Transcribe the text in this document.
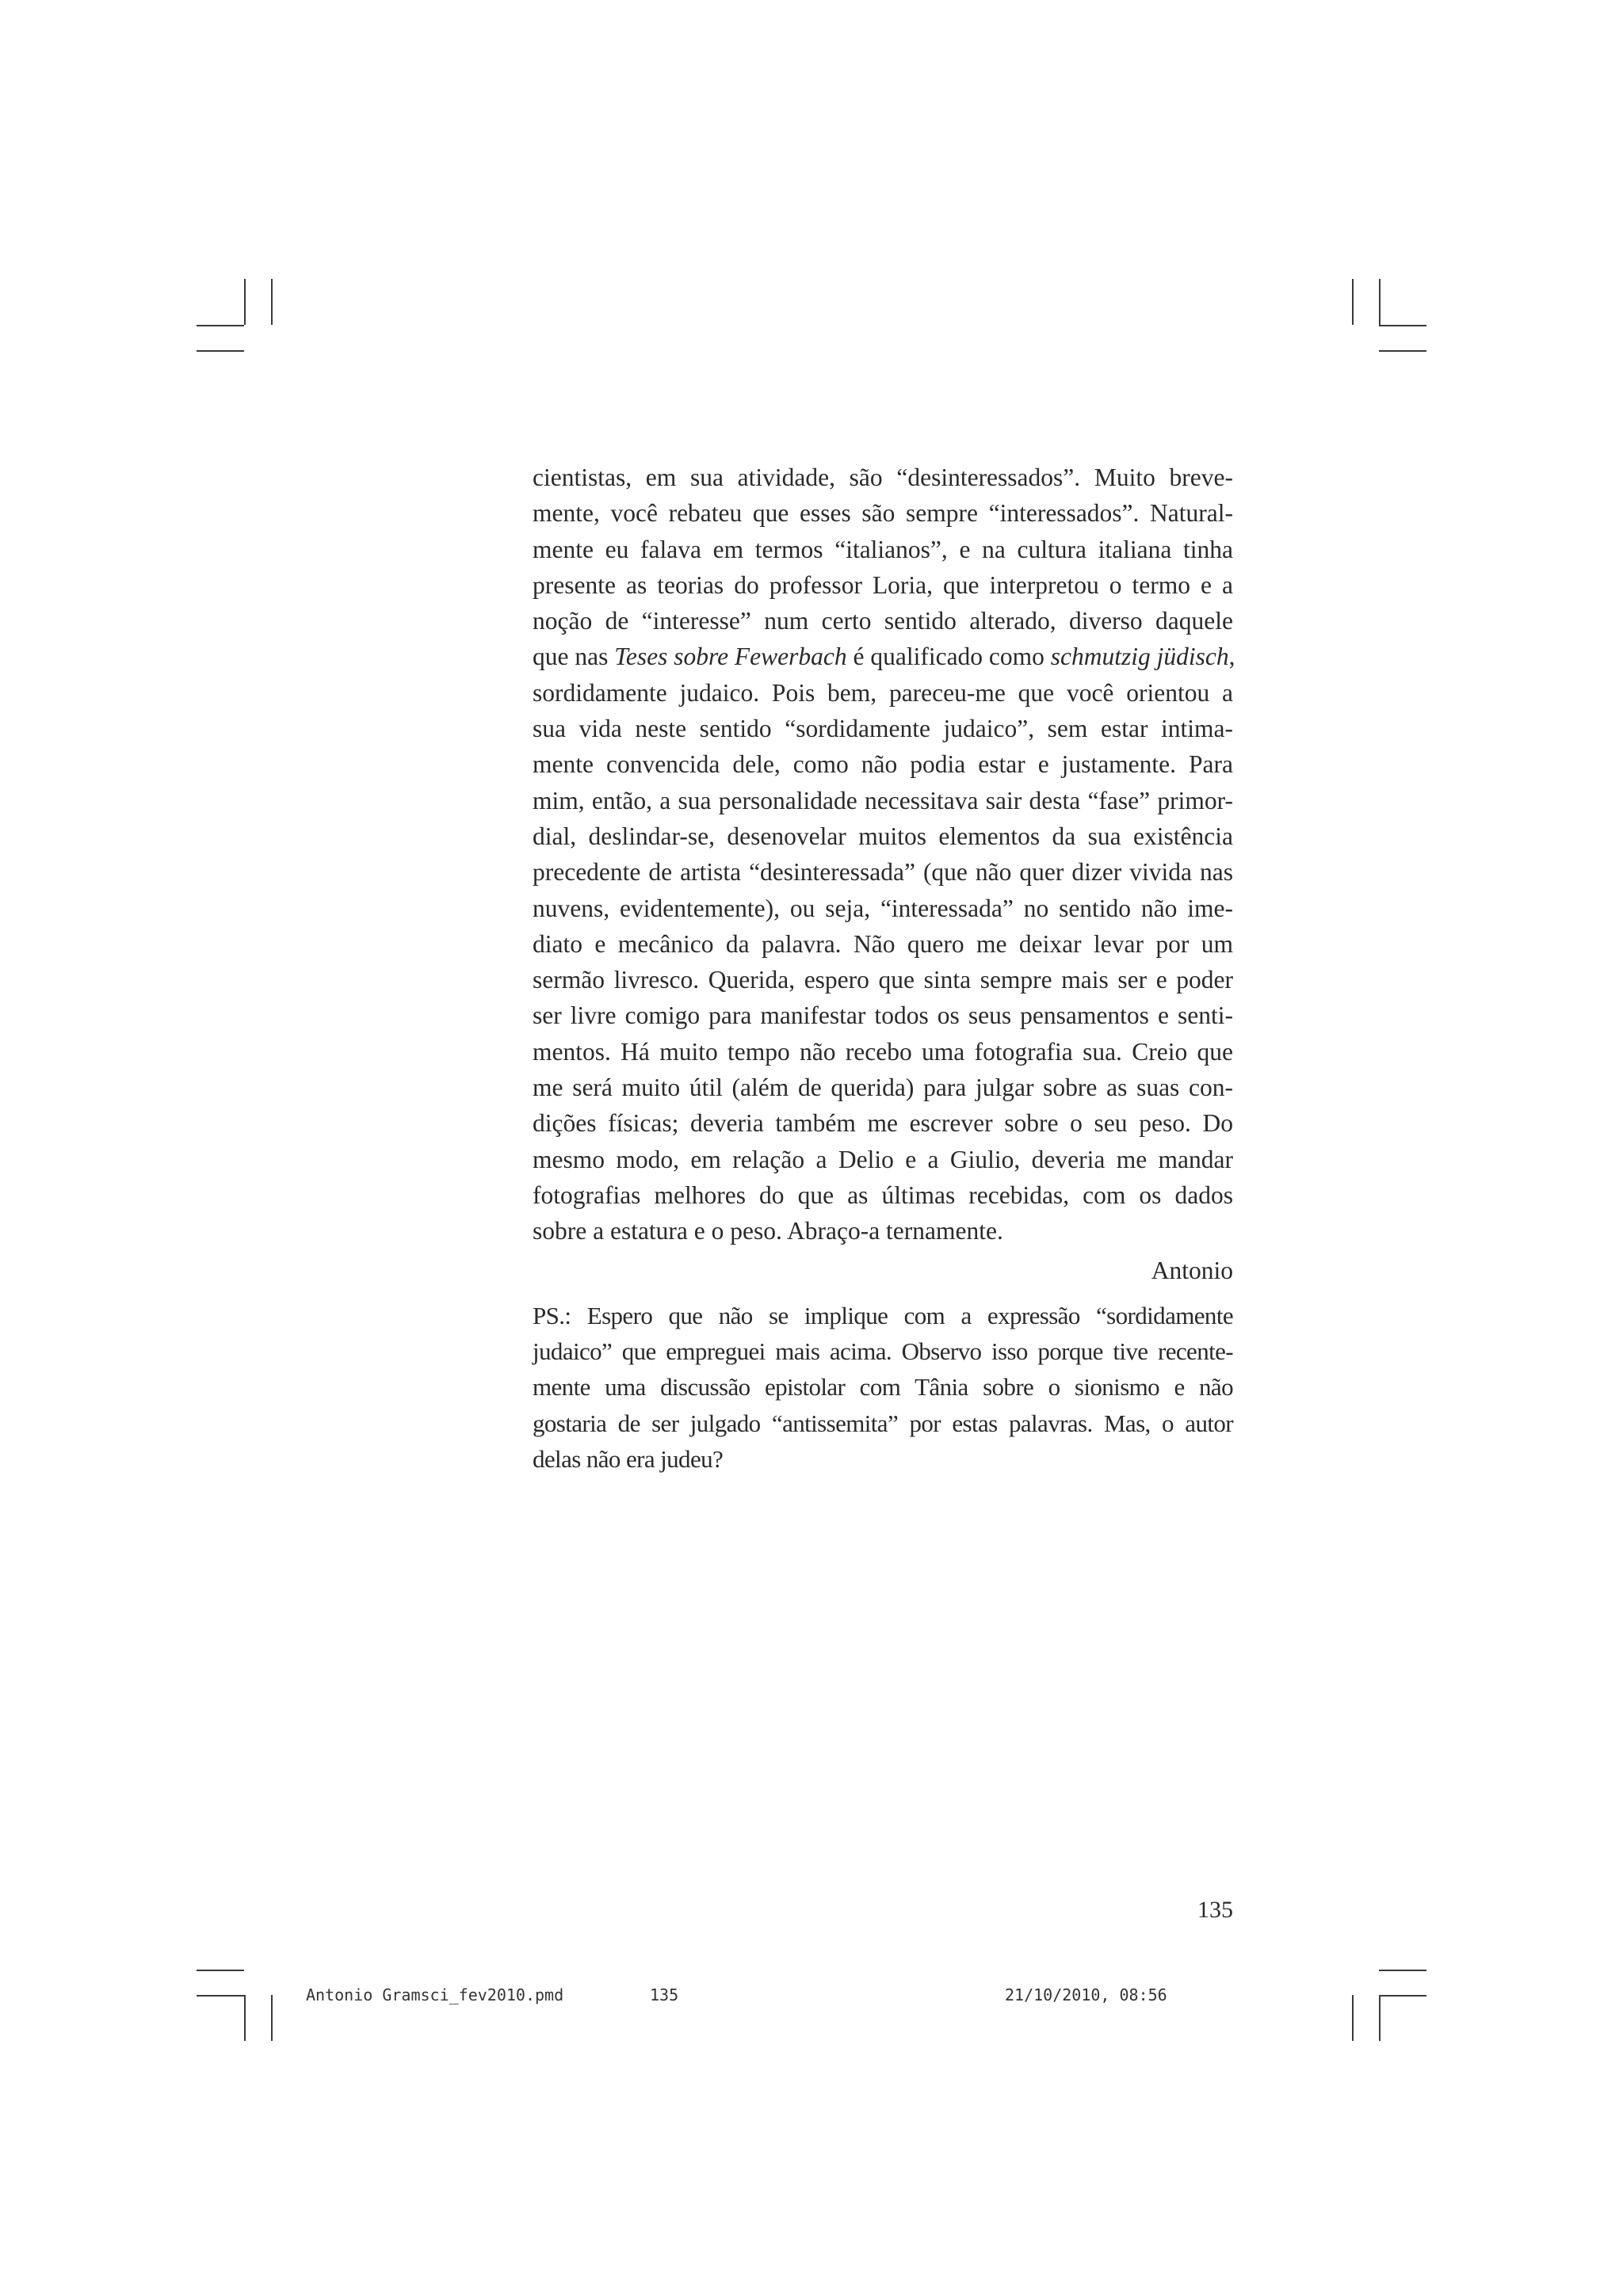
cientistas, em sua atividade, são “desinteressados”. Muito breve-
mente, você rebateu que esses são sempre “interessados”. Natural-
mente eu falava em termos “italianos”, e na cultura italiana tinha
presente as teorias do professor Loria, que interpretou o termo e a
noção de “interesse” num certo sentido alterado, diverso daquele
que nas Teses sobre Fewerbach é qualificado como schmutzig jüdisch,
sordidamente judaico. Pois bem, pareceu-me que você orientou a
sua vida neste sentido “sordidamente judaico”, sem estar intima-
mente convencida dele, como não podia estar e justamente. Para
mim, então, a sua personalidade necessitava sair desta “fase” primor-
dial, deslindar-se, desenovelar muitos elementos da sua existência
precedente de artista “desinteressada” (que não quer dizer vivida nas
nuvens, evidentemente), ou seja, “interessada” no sentido não ime-
diato e mecânico da palavra. Não quero me deixar levar por um
sermão livresco. Querida, espero que sinta sempre mais ser e poder
ser livre comigo para manifestar todos os seus pensamentos e senti-
mentos. Há muito tempo não recebo uma fotografia sua. Creio que
me será muito útil (além de querida) para julgar sobre as suas con-
dições físicas; deveria também me escrever sobre o seu peso. Do
mesmo modo, em relação a Delio e a Giulio, deveria me mandar
fotografias melhores do que as últimas recebidas, com os dados
sobre a estatura e o peso. Abraço-a ternamente.
Antonio
PS.: Espero que não se implique com a expressão “sordidamente
judaico” que empreguei mais acima. Observo isso porque tive recente-
mente uma discussão epistolar com Tânia sobre o sionismo e não
gostaria de ser julgado “antissemita” por estas palavras. Mas, o autor
delas não era judeu?
135
Antonio Gramsci_fev2010.pmd	135	21/10/2010, 08:56
